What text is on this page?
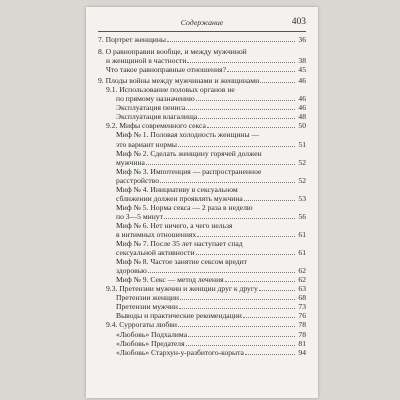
Содержание	403
7. Портрет женщины	36
8. О равноправии вообще, и между мужчиной
и женщиной в частности	38
Что такое равноправные отношения?	45
9. Плоды войны между мужчинами и женщинами	46
9.1. Использование половых органов не
по прямому назначению	46
Эксплуатация пениса	46
Эксплуатация влагалища	48
9.2. Мифы современного секса	50
Миф № 1. Половая холодность женщины —
это вариант нормы	51
Миф № 2. Сделать женщину горячей должен
мужчина	52
Миф № 3. Импотенция — распространенное
расстройство	52
Миф № 4. Инициативу в сексуальном
сближении должен проявлять мужчина	53
Миф № 5. Норма секса — 2 раза в неделю
по 3—5 минут	56
Миф № 6. Нет ничего, а чего нельзя
в интимных отношениях	61
Миф № 7. После 35 лет наступает спад
сексуальной активности	61
Миф № 8. Частое занятие сексом вредит
здоровью	62
Миф № 9. Секс — метод лечения	62
9.3. Претензии мужчин и женщин друг к другу	63
Претензии женщин	68
Претензии мужчин	73
Выводы и практические рекомендации	76
9.4. Суррогаты любви	78
«Любовь» Подхалима	78
«Любовь» Предателя	81
«Любовь» Стархун-у-разбитого-корыта	94
